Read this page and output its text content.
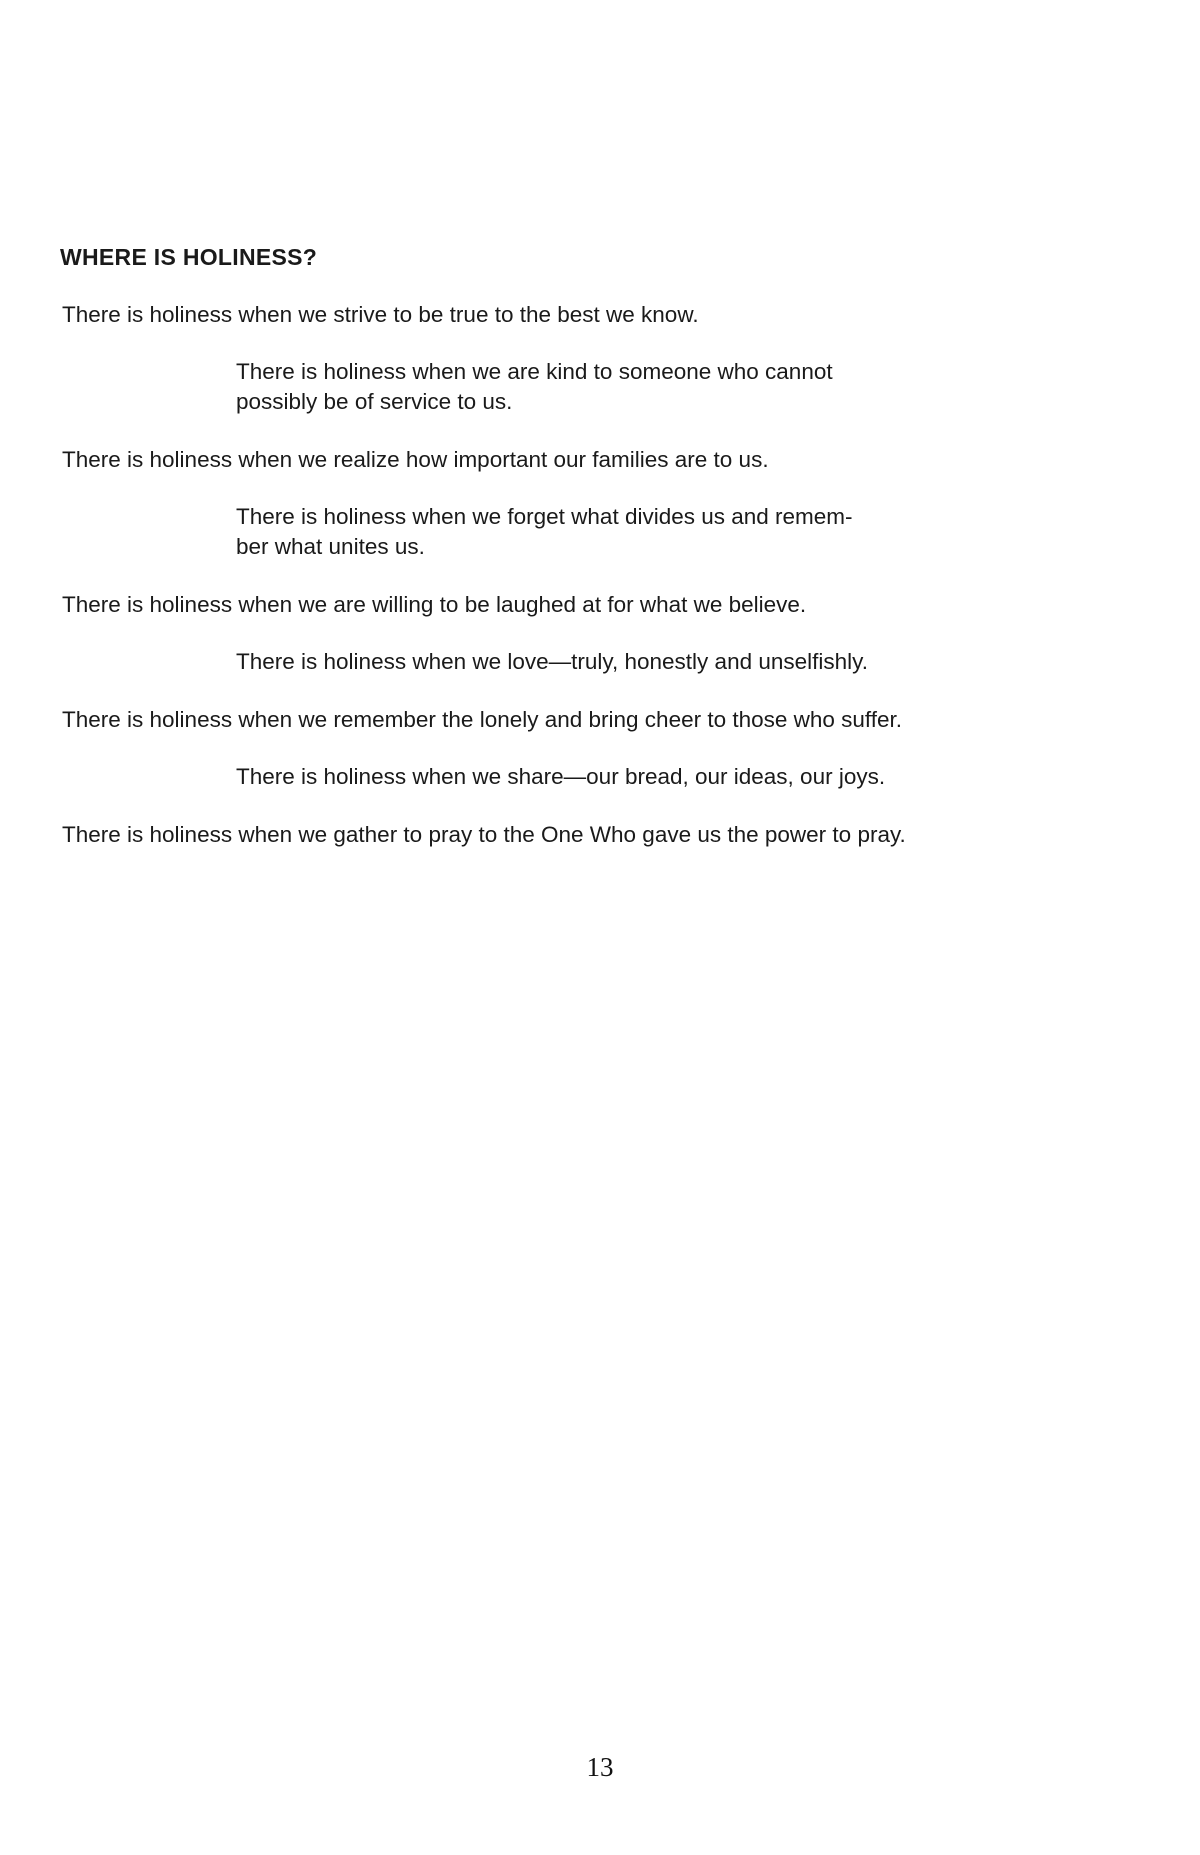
WHERE IS HOLINESS?

There is holiness when we strive to be true to the best we know.

There is holiness when we are kind to someone who cannot

possibly be of service to us.

There is holiness when we realize how important our families are to us.

There is holiness when we forget what divides us and remem-

ber what unites us.

There is holiness when we are willing to be laughed at for what we believe.

There is holiness when we love—truly, honestly and unselfishly.

There is holiness when we remember the lonely and bring cheer to those who suffer.

There is holiness when we share—our bread, our ideas, our joys.

There is holiness when we gather to pray to the One Who gave us the power to pray.

13
